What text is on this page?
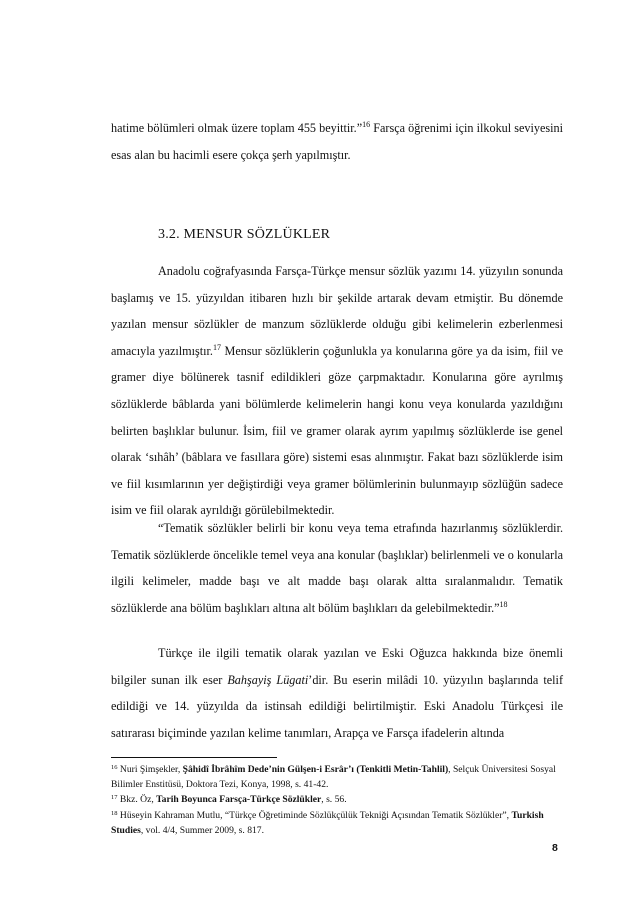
hatime bölümleri olmak üzere toplam 455 beyittir.”$^{16}$ Farsça öğrenimi için ilkokul seviyesini esas alan bu hacimli esere çokça şerh yapılmıştır.

3.2. MENSUR SÖZLÜKLER

Anadolu coğrafyasında Farsça-Türkçe mensur sözlük yazımı 14. yüzyılın sonunda başlamış ve 15. yüzyıldan itibaren hızlı bir şekilde artarak devam etmiştir. Bu dönemde yazılan mensur sözlükler de manzum sözlüklerde olduğu gibi kelimelerin ezberlenmesi amacıyla yazılmıştır.$^{17}$ Mensur sözlüklerin çoğunlukla ya konularına göre ya da isim, fiil ve gramer diye bölünerek tasnif edildikleri göze çarpmaktadır. Konularına göre ayrılmış sözlüklerde bâblarda yani bölümlerde kelimelerin hangi konu veya konularda yazıldığını belirten başlıklar bulunur. İsim, fiil ve gramer olarak ayrım yapılmış sözlüklerde ise genel olarak ‘sıhâh’ (bâblara ve fasıllara göre) sistemi esas alınmıştır. Fakat bazı sözlüklerde isim ve fiil kısımlarının yer değiştirdiği veya gramer bölümlerinin bulunmayıp sözlüğün sadece isim ve fiil olarak ayrıldığı görülebilmektedir.

“Tematik sözlükler belirli bir konu veya tema etrafında hazırlanmış sözlüklerdir. Tematik sözlüklerde öncelikle temel veya ana konular (başlıklar) belirlenmeli ve o konularla ilgili kelimeler, madde başı ve alt madde başı olarak altta sıralanmalıdır. Tematik sözlüklerde ana bölüm başlıkları altına alt bölüm başlıkları da gelebilmektedir.”$^{18}$

Türkçe ile ilgili tematik olarak yazılan ve Eski Oğuzca hakkında bize önemli bilgiler sunan ilk eser Bahşayiş Lügati’dir. Bu eserin milâdi 10. yüzyılın başlarında telif edildiği ve 14. yüzyılda da istinsah edildiği belirtilmiştir. Eski Anadolu Türkçesi ile satırarası biçiminde yazılan kelime tanımları, Arapça ve Farsça ifadelerin altında

$^{16}$ Nuri Şimşekler, Şâhidî İbrâhîm Dede’nin Gülşen-i Esrâr’ı (Tenkitli Metin-Tahlil), Selçuk Üniversitesi Sosyal Bilimler Enstitüsü, Doktora Tezi, Konya, 1998, s. 41-42.

$^{17}$ Bkz. Öz, Tarih Boyunca Farsça-Türkçe Sözlükler, s. 56.

$^{18}$ Hüseyin Kahraman Mutlu, “Türkçe Öğretiminde Sözlükçülük Tekniği Açısından Tematik Sözlükler”, Turkish Studies, vol. 4/4, Summer 2009, s. 817.

8
